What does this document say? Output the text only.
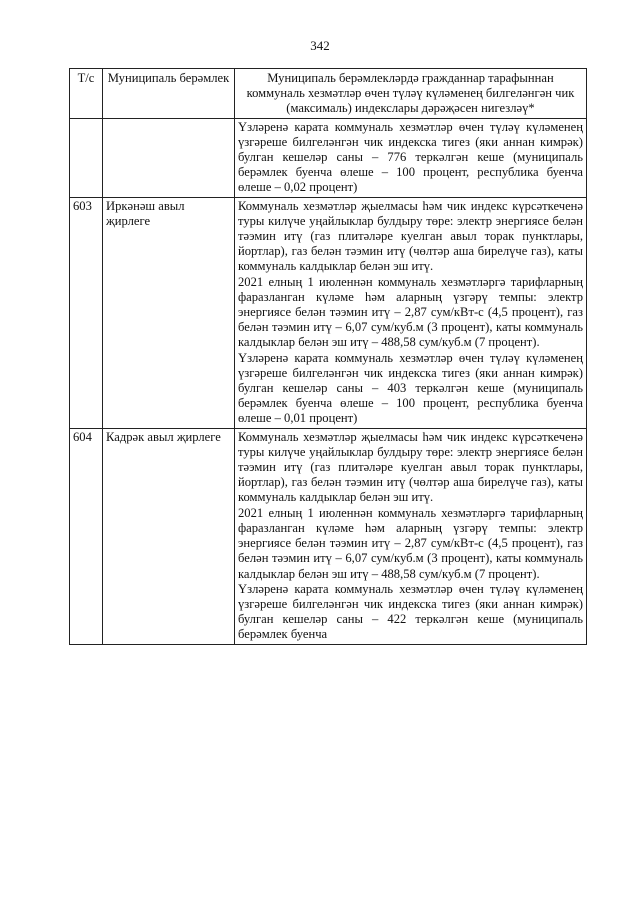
342
Т/с	Муниципаль берәмлек	Муниципаль берәмлекләрдә гражданнар тарафыннан коммуналь хезмәтләр өчен түләү күләменең билгеләнгән чик (максималь) индекслары дәрәҗәсен нигезләү*

		Үзләренә карата коммуналь хезмәтләр өчен түләү күләменең үзгәреше билгеләнгән чик индекска тигез (яки аннан кимрәк) булган кешеләр саны – 776 теркәлгән кеше (муниципаль берәмлек буенча өлеше – 100 процент, республика буенча өлеше – 0,02 процент)

603	Иркәнәш авыл җирлеге	Коммуналь хезмәтләр җыелмасы һәм чик индекс күрсәткеченә туры килүче уңайлыклар булдыру төре: электр энергиясе белән тәэмин итү (газ плитәләре куелган авыл торак пунктлары, йортлар), газ белән тәэмин итү (чөлтәр аша бирелүче газ), каты коммуналь калдыклар белән эш итү.

2021 елның 1 июленнән коммуналь хезмәтләргә тарифларның фаразланган күләме һәм аларның үзгәрү темпы: электр энергиясе белән тәэмин итү – 2,87 сум/кВт-с (4,5 процент), газ белән тәэмин итү – 6,07 сум/куб.м (3 процент), каты коммуналь калдыклар белән эш итү – 488,58 сум/куб.м (7 процент).

Үзләренә карата коммуналь хезмәтләр өчен түләү күләменең үзгәреше билгеләнгән чик индекска тигез (яки аннан кимрәк) булган кешеләр саны – 403 теркәлгән кеше (муниципаль берәмлек буенча өлеше – 100 процент, республика буенча өлеше – 0,01 процент)

604	Кадрәк авыл җирлеге	Коммуналь хезмәтләр җыелмасы һәм чик индекс күрсәткеченә туры килүче уңайлыклар булдыру төре: электр энергиясе белән тәэмин итү (газ плитәләре куелган авыл торак пунктлары, йортлар), газ белән тәэмин итү (чөлтәр аша бирелүче газ), каты коммуналь калдыклар белән эш итү.

2021 елның 1 июленнән коммуналь хезмәтләргә тарифларның фаразланган күләме һәм аларның үзгәрү темпы: электр энергиясе белән тәэмин итү – 2,87 сум/кВт-с (4,5 процент), газ белән тәэмин итү – 6,07 сум/куб.м (3 процент), каты коммуналь калдыклар белән эш итү – 488,58 сум/куб.м (7 процент).

Үзләренә карата коммуналь хезмәтләр өчен түләү күләменең үзгәреше билгеләнгән чик индекска тигез (яки аннан кимрәк) булган кешеләр саны – 422 теркәлгән кеше (муниципаль берәмлек буенча
